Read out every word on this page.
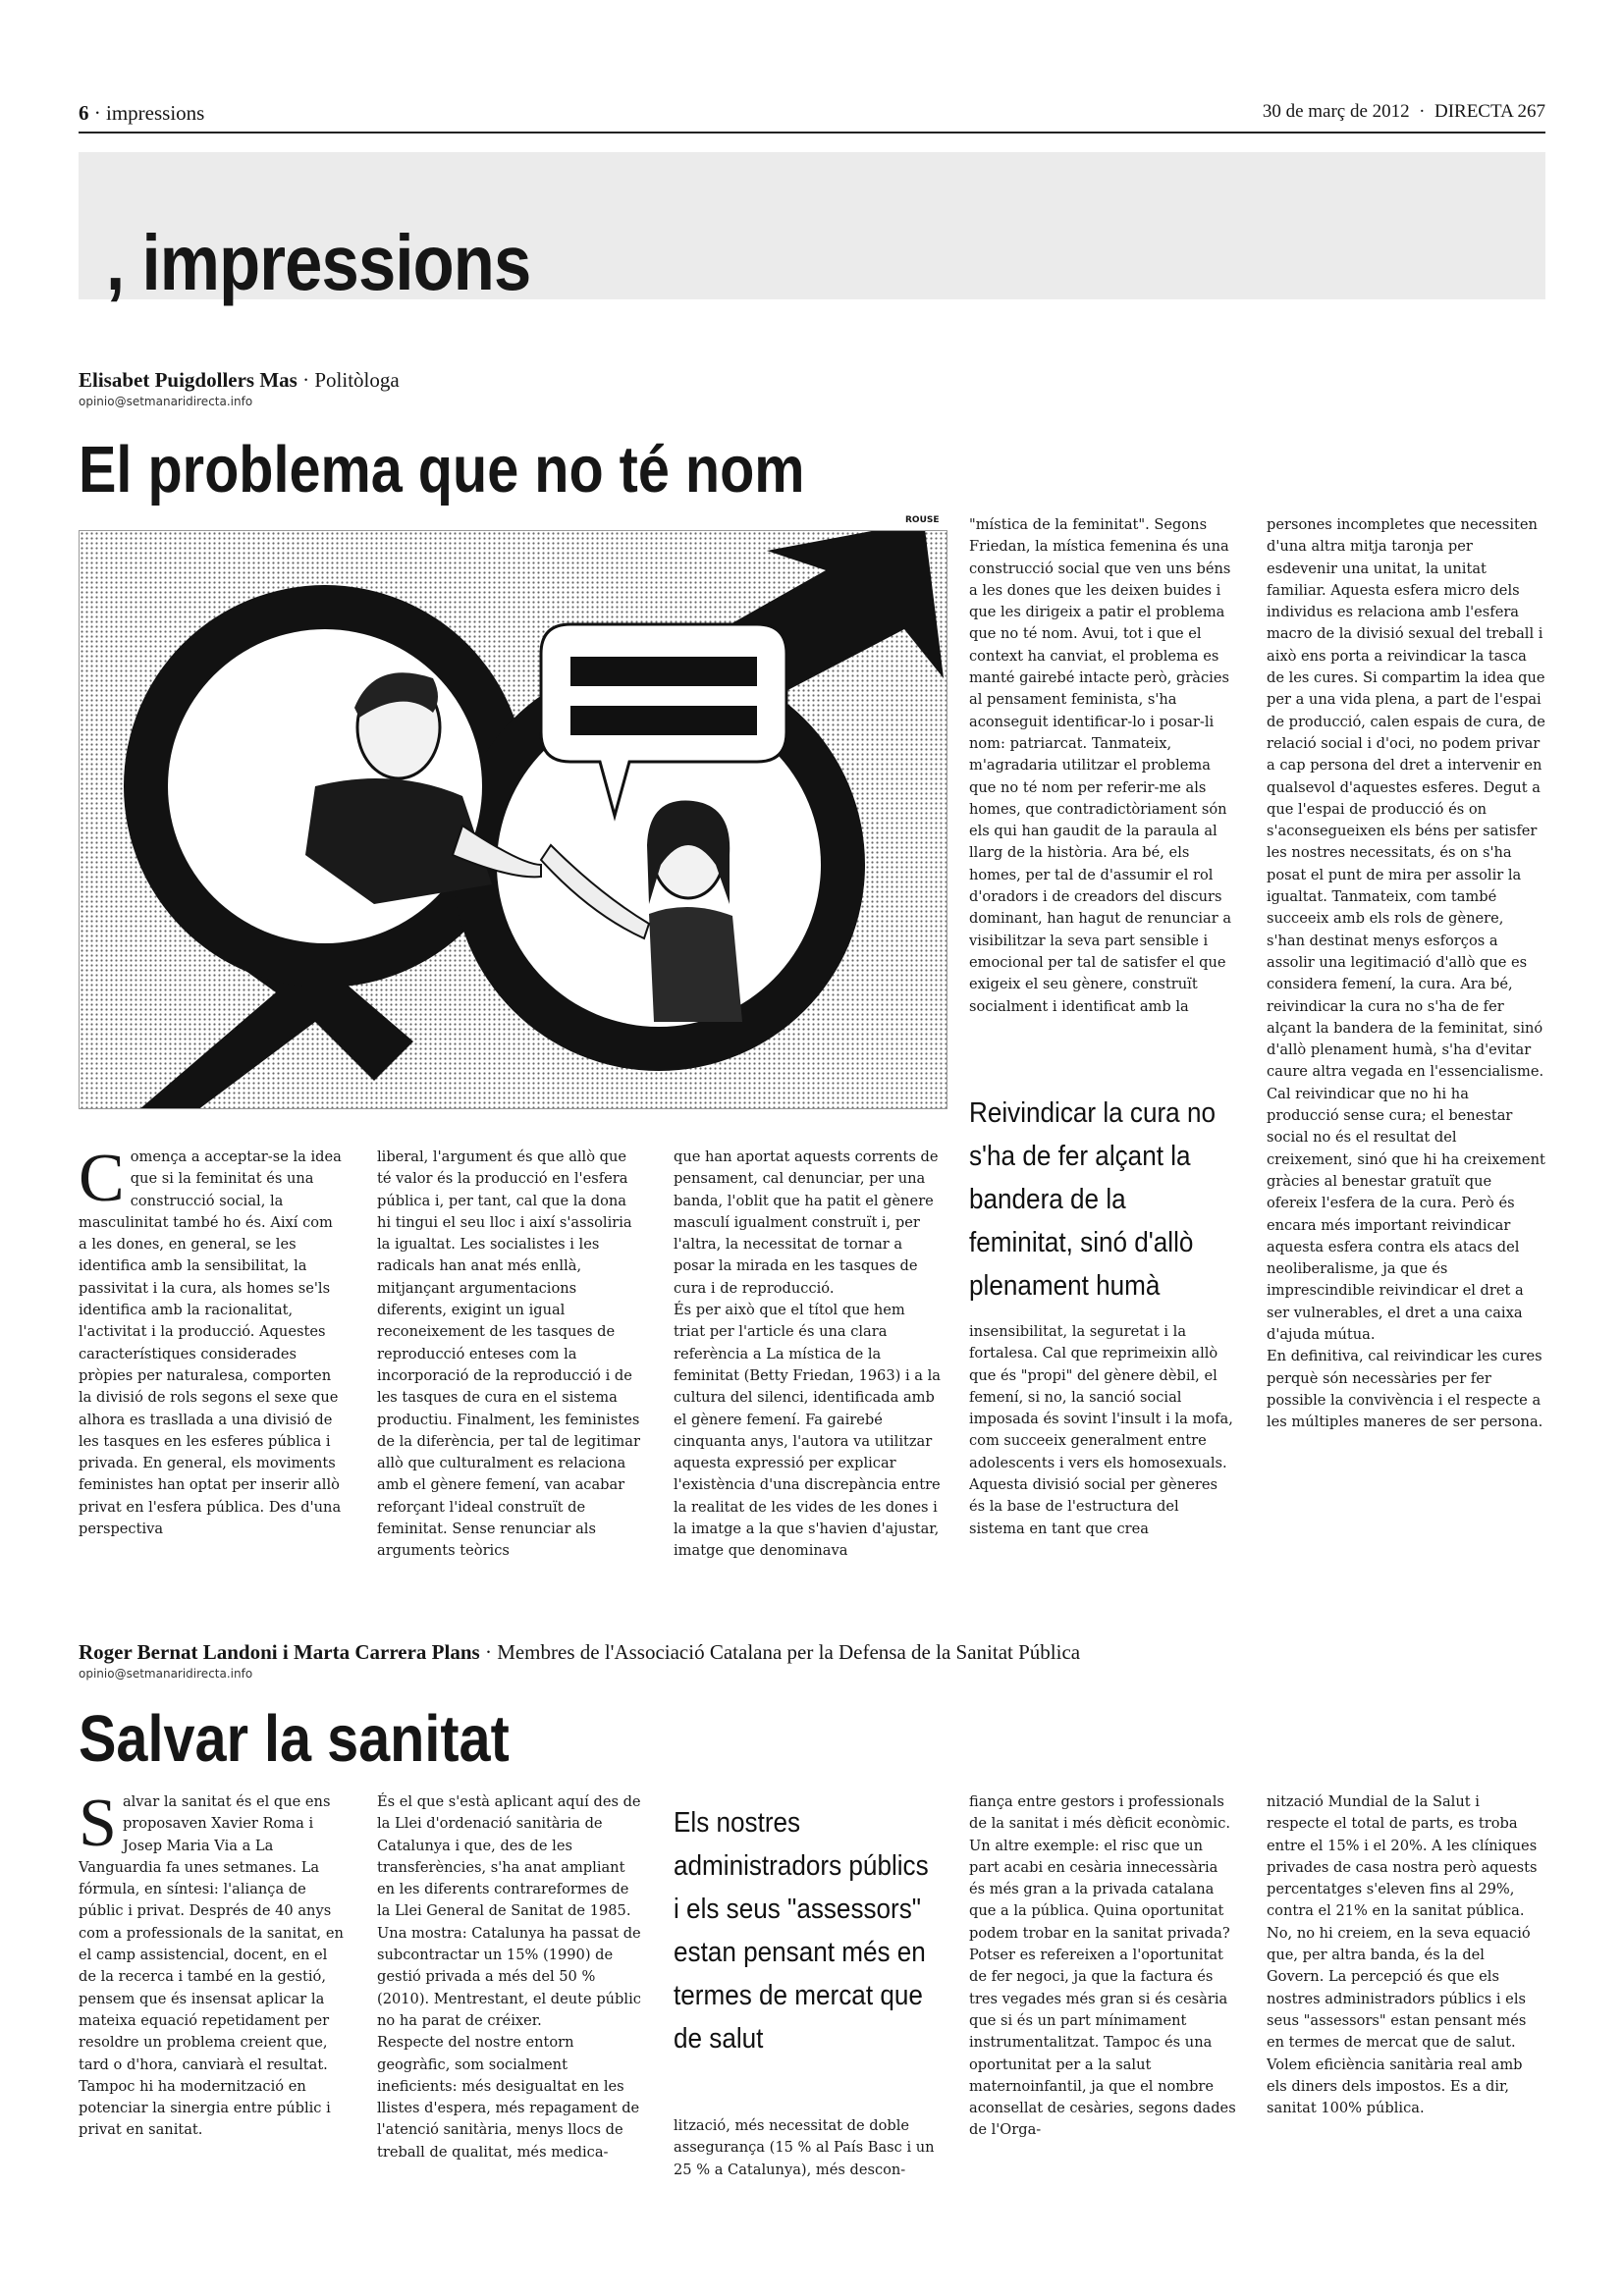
6 · impressions	30 de març de 2012  ·  DIRECTA 267
, impressions
Elisabet Puigdollers Mas · Politòloga
opinio@setmanaridirecta.info
El problema que no té nom
ROUSE
Comença a acceptar-se la idea que si la feminitat és una construcció social, la masculinitat també ho és. Així com a les dones, en general, se les identifica amb la sensibilitat, la passivitat i la cura, als homes se'ls identifica amb la racionalitat, l'activitat i la producció. Aquestes característiques considerades pròpies per naturalesa, comporten la divisió de rols segons el sexe que alhora es trasllada a una divisió de les tasques en les esferes pública i privada. En general, els moviments feministes han optat per inserir allò privat en l'esfera pública. Des d'una perspectiva
liberal, l'argument és que allò que té valor és la producció en l'esfera pública i, per tant, cal que la dona hi tingui el seu lloc i així s'assoliria la igualtat. Les socialistes i les radicals han anat més enllà, mitjançant argumentacions diferents, exigint un igual reconeixement de les tasques de reproducció enteses com la incorporació de la reproducció i de les tasques de cura en el sistema productiu. Finalment, les feministes de la diferència, per tal de legitimar allò que culturalment es relaciona amb el gènere femení, van acabar reforçant l'ideal construït de feminitat. Sense renunciar als arguments teòrics
que han aportat aquests corrents de pensament, cal denunciar, per una banda, l'oblit que ha patit el gènere masculí igualment construït i, per l'altra, la necessitat de tornar a posar la mirada en les tasques de cura i de reproducció.
És per això que el títol que hem triat per l'article és una clara referència a La mística de la feminitat (Betty Friedan, 1963) i a la cultura del silenci, identificada amb el gènere femení. Fa gairebé cinquanta anys, l'autora va utilitzar aquesta expressió per explicar l'existència d'una discrepància entre la realitat de les vides de les dones i la imatge a la que s'havien d'ajustar, imatge que denominava
"mística de la feminitat". Segons Friedan, la mística femenina és una construcció social que ven uns béns a les dones que les deixen buides i que les dirigeix a patir el problema que no té nom. Avui, tot i que el context ha canviat, el problema es manté gairebé intacte però, gràcies al pensament feminista, s'ha aconseguit identificar-lo i posar-li nom: patriarcat. Tanmateix, m'agradaria utilitzar el problema que no té nom per referir-me als homes, que contradictòriament són els qui han gaudit de la paraula al llarg de la història. Ara bé, els homes, per tal de d'assumir el rol d'oradors i de creadors del discurs dominant, han hagut de renunciar a visibilitzar la seva part sensible i emocional per tal de satisfer el que exigeix el seu gènere, construït socialment i identificat amb la
Reivindicar la cura no s'ha de fer alçant la bandera de la feminitat, sinó d'allò plenament humà
insensibilitat, la seguretat i la fortalesa. Cal que reprimeixin allò que és "propi" del gènere dèbil, el femení, si no, la sanció social imposada és sovint l'insult i la mofa, com succeeix generalment entre adolescents i vers els homosexuals.
Aquesta divisió social per gèneres és la base de l'estructura del sistema en tant que crea
persones incompletes que necessiten d'una altra mitja taronja per esdevenir una unitat, la unitat familiar. Aquesta esfera micro dels individus es relaciona amb l'esfera macro de la divisió sexual del treball i això ens porta a reivindicar la tasca de les cures. Si compartim la idea que per a una vida plena, a part de l'espai de producció, calen espais de cura, de relació social i d'oci, no podem privar a cap persona del dret a intervenir en qualsevol d'aquestes esferes. Degut a que l'espai de producció és on s'aconsegueixen els béns per satisfer les nostres necessitats, és on s'ha posat el punt de mira per assolir la igualtat. Tanmateix, com també succeeix amb els rols de gènere, s'han destinat menys esforços a assolir una legitimació d'allò que es considera femení, la cura. Ara bé, reivindicar la cura no s'ha de fer alçant la bandera de la feminitat, sinó d'allò plenament humà, s'ha d'evitar caure altra vegada en l'essencialisme. Cal reivindicar que no hi ha producció sense cura; el benestar social no és el resultat del creixement, sinó que hi ha creixement gràcies al benestar gratuït que ofereix l'esfera de la cura. Però és encara més important reivindicar aquesta esfera contra els atacs del neoliberalisme, ja que és imprescindible reivindicar el dret a ser vulnerables, el dret a una caixa d'ajuda mútua.
En definitiva, cal reivindicar les cures perquè són necessàries per fer possible la convivència i el respecte a les múltiples maneres de ser persona.
Roger Bernat Landoni i Marta Carrera Plans · Membres de l'Associació Catalana per la Defensa de la Sanitat Pública
opinio@setmanaridirecta.info
Salvar la sanitat
Salvar la sanitat és el que ens proposaven Xavier Roma i Josep Maria Via a La Vanguardia fa unes setmanes. La fórmula, en síntesi: l'aliança de públic i privat. Després de 40 anys com a professionals de la sanitat, en el camp assistencial, docent, en el de la recerca i també en la gestió, pensem que és insensat aplicar la mateixa equació repetidament per resoldre un problema creient que, tard o d'hora, canviarà el resultat. Tampoc hi ha modernització en potenciar la sinergia entre públic i privat en sanitat.
És el que s'està aplicant aquí des de la Llei d'ordenació sanitària de Catalunya i que, des de les transferències, s'ha anat ampliant en les diferents contrareformes de la Llei General de Sanitat de 1985. Una mostra: Catalunya ha passat de subcontractar un 15% (1990) de gestió privada a més del 50 % (2010). Mentrestant, el deute públic no ha parat de créixer.
Respecte del nostre entorn geogràfic, som socialment ineficients: més desigualtat en les llistes d'espera, més repagament de l'atenció sanitària, menys llocs de treball de qualitat, més medica-
Els nostres administradors públics i els seus "assessors" estan pensant més en termes de mercat que de salut
lització, més necessitat de doble assegurança (15 % al País Basc i un 25 % a Catalunya), més descon-
fiança entre gestors i professionals de la sanitat i més dèficit econòmic.
Un altre exemple: el risc que un part acabi en cesària innecessària és més gran a la privada catalana que a la pública. Quina oportunitat podem trobar en la sanitat privada? Potser es refereixen a l'oportunitat de fer negoci, ja que la factura és tres vegades més gran si és cesària que si és un part mínimament instrumentalitzat. Tampoc és una oportunitat per a la salut maternoinfantil, ja que el nombre aconsellat de cesàries, segons dades de l'Orga-
nització Mundial de la Salut i respecte el total de parts, es troba entre el 15% i el 20%. A les clíniques privades de casa nostra però aquests percentatges s'eleven fins al 29%, contra el 21% en la sanitat pública.
No, no hi creiem, en la seva equació que, per altra banda, és la del Govern. La percepció és que els nostres administradors públics i els seus "assessors" estan pensant més en termes de mercat que de salut. Volem eficiència sanitària real amb els diners dels impostos. Es a dir, sanitat 100% pública.
